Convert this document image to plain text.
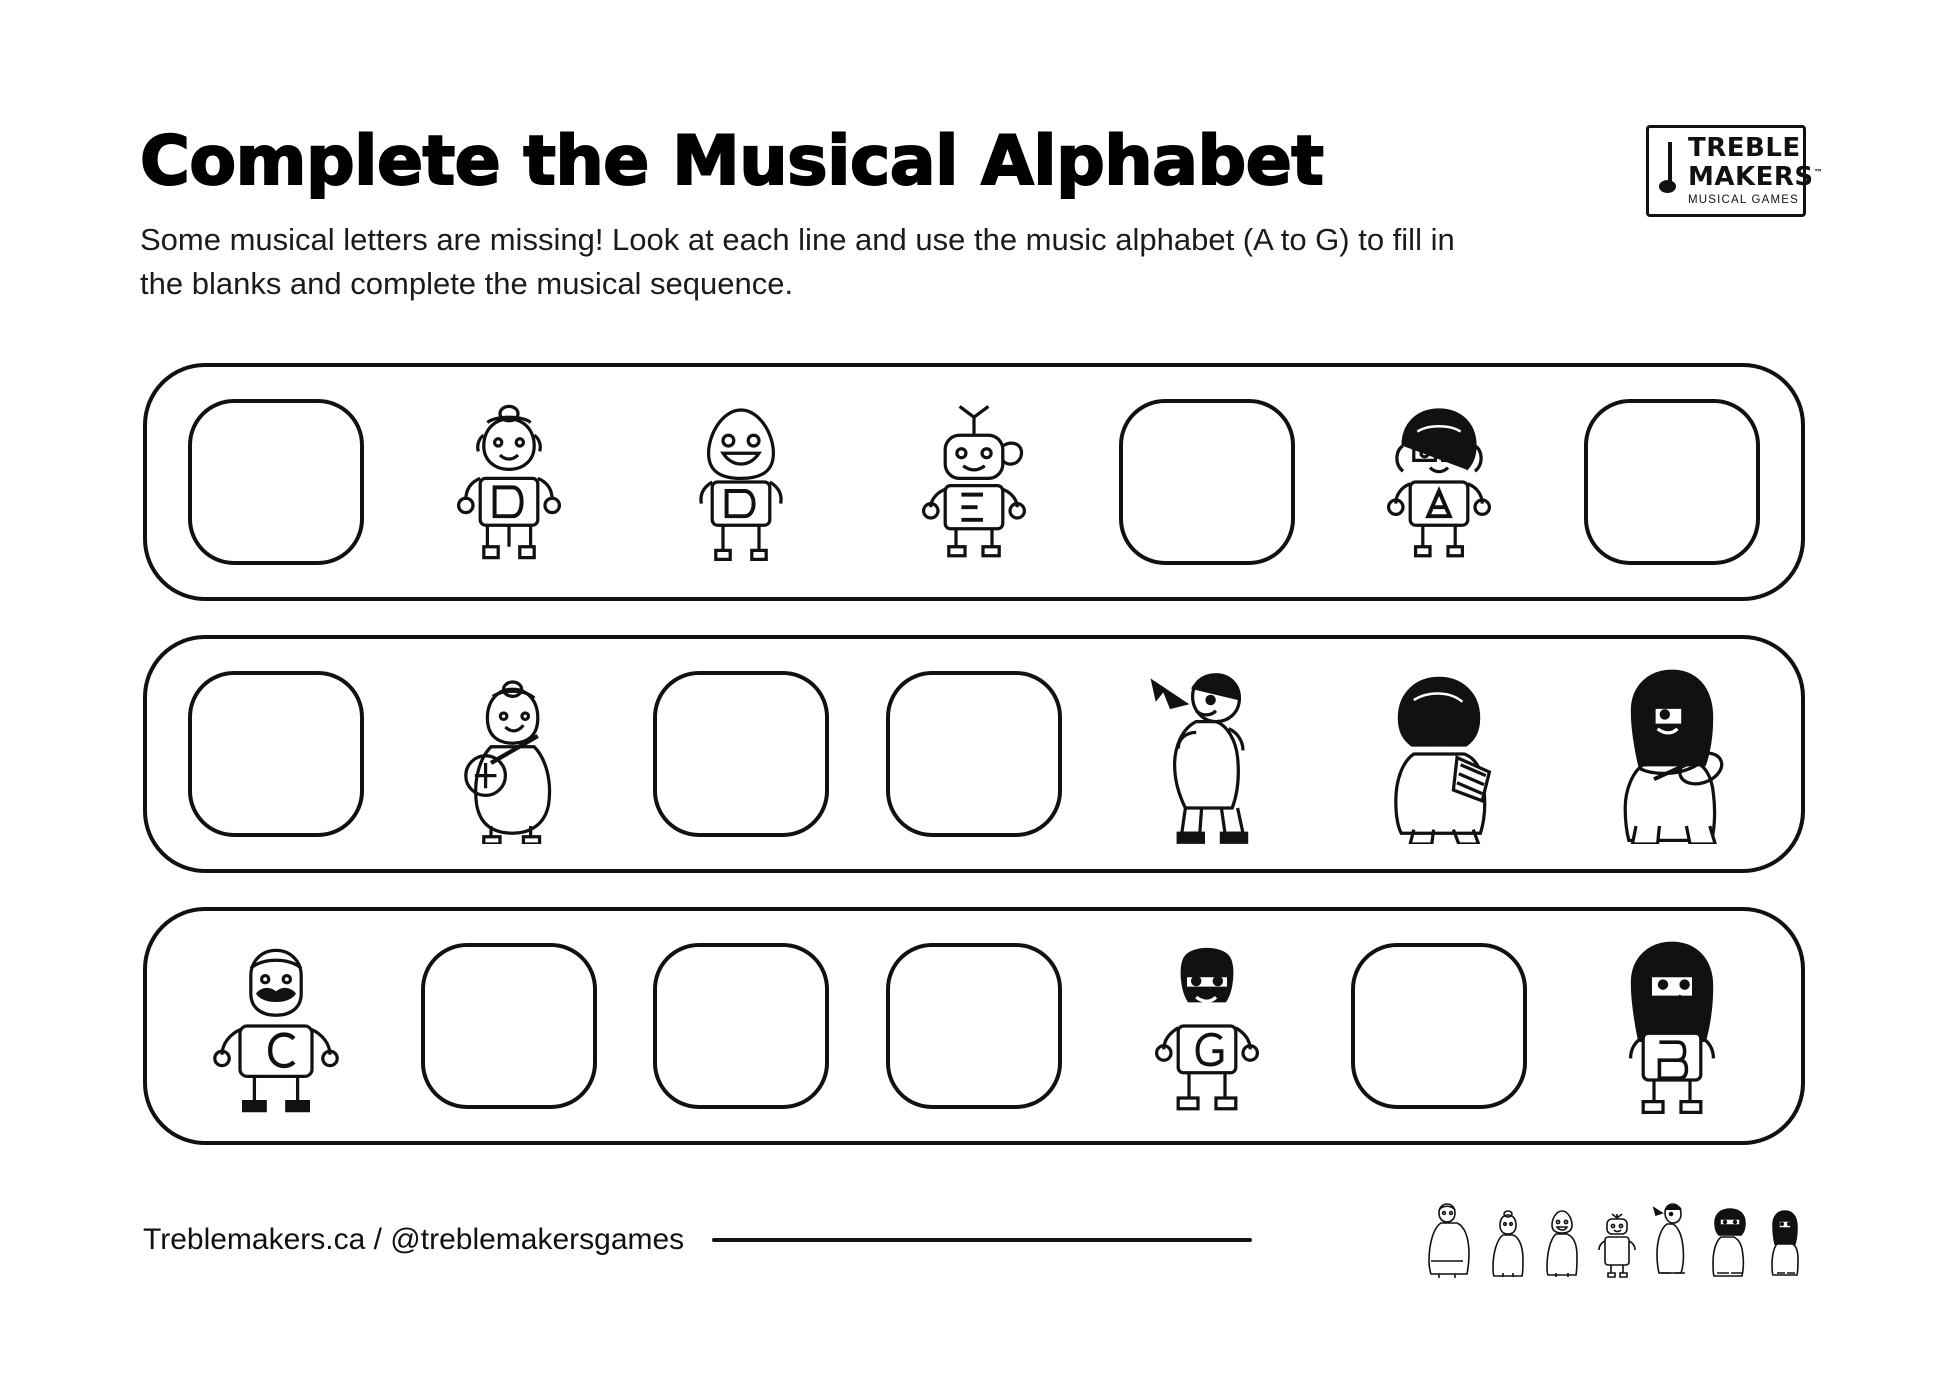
Complete the Musical Alphabet

Some musical letters are missing! Look at each line and use the music alphabet (A to G) to fill in the blanks and complete the musical sequence.

TREBLE
MAKERS™
MUSICAL GAMES
Treblemakers.ca / @treblemakersgames
